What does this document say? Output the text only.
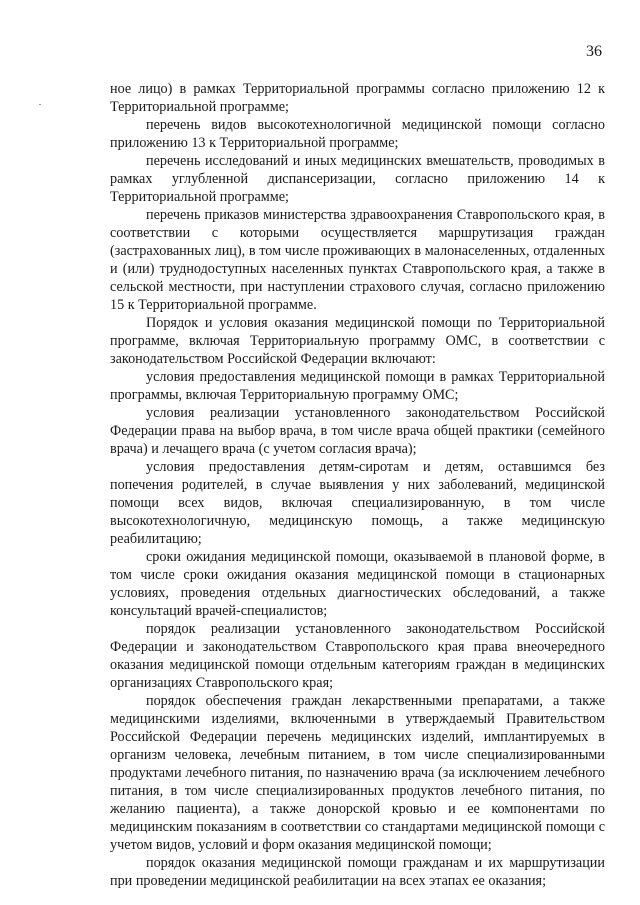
36

ное лицо) в рамках Территориальной программы согласно приложению 12 к Территориальной программе;

перечень видов высокотехнологичной медицинской помощи согласно приложению 13 к Территориальной программе;

перечень исследований и иных медицинских вмешательств, проводимых в рамках углубленной диспансеризации, согласно приложению 14 к Территориальной программе;

перечень приказов министерства здравоохранения Ставропольского края, в соответствии с которыми осуществляется маршрутизация граждан (застрахованных лиц), в том числе проживающих в малонаселенных, отдаленных и (или) труднодоступных населенных пунктах Ставропольского края, а также в сельской местности, при наступлении страхового случая, согласно приложению 15 к Территориальной программе.

Порядок и условия оказания медицинской помощи по Территориальной программе, включая Территориальную программу ОМС, в соответствии с законодательством Российской Федерации включают:

условия предоставления медицинской помощи в рамках Территориальной программы, включая Территориальную программу ОМС;

условия реализации установленного законодательством Российской Федерации права на выбор врача, в том числе врача общей практики (семейного врача) и лечащего врача (с учетом согласия врача);

условия предоставления детям-сиротам и детям, оставшимся без попечения родителей, в случае выявления у них заболеваний, медицинской помощи всех видов, включая специализированную, в том числе высокотехнологичную, медицинскую помощь, а также медицинскую реабилитацию;

сроки ожидания медицинской помощи, оказываемой в плановой форме, в том числе сроки ожидания оказания медицинской помощи в стационарных условиях, проведения отдельных диагностических обследований, а также консультаций врачей-специалистов;

порядок реализации установленного законодательством Российской Федерации и законодательством Ставропольского края права внеочередного оказания медицинской помощи отдельным категориям граждан в медицинских организациях Ставропольского края;

порядок обеспечения граждан лекарственными препаратами, а также медицинскими изделиями, включенными в утверждаемый Правительством Российской Федерации перечень медицинских изделий, имплантируемых в организм человека, лечебным питанием, в том числе специализированными продуктами лечебного питания, по назначению врача (за исключением лечебного питания, в том числе специализированных продуктов лечебного питания, по желанию пациента), а также донорской кровью и ее компонентами по медицинским показаниям в соответствии со стандартами медицинской помощи с учетом видов, условий и форм оказания медицинской помощи;

порядок оказания медицинской помощи гражданам и их маршрутизации при проведении медицинской реабилитации на всех этапах ее оказания;
